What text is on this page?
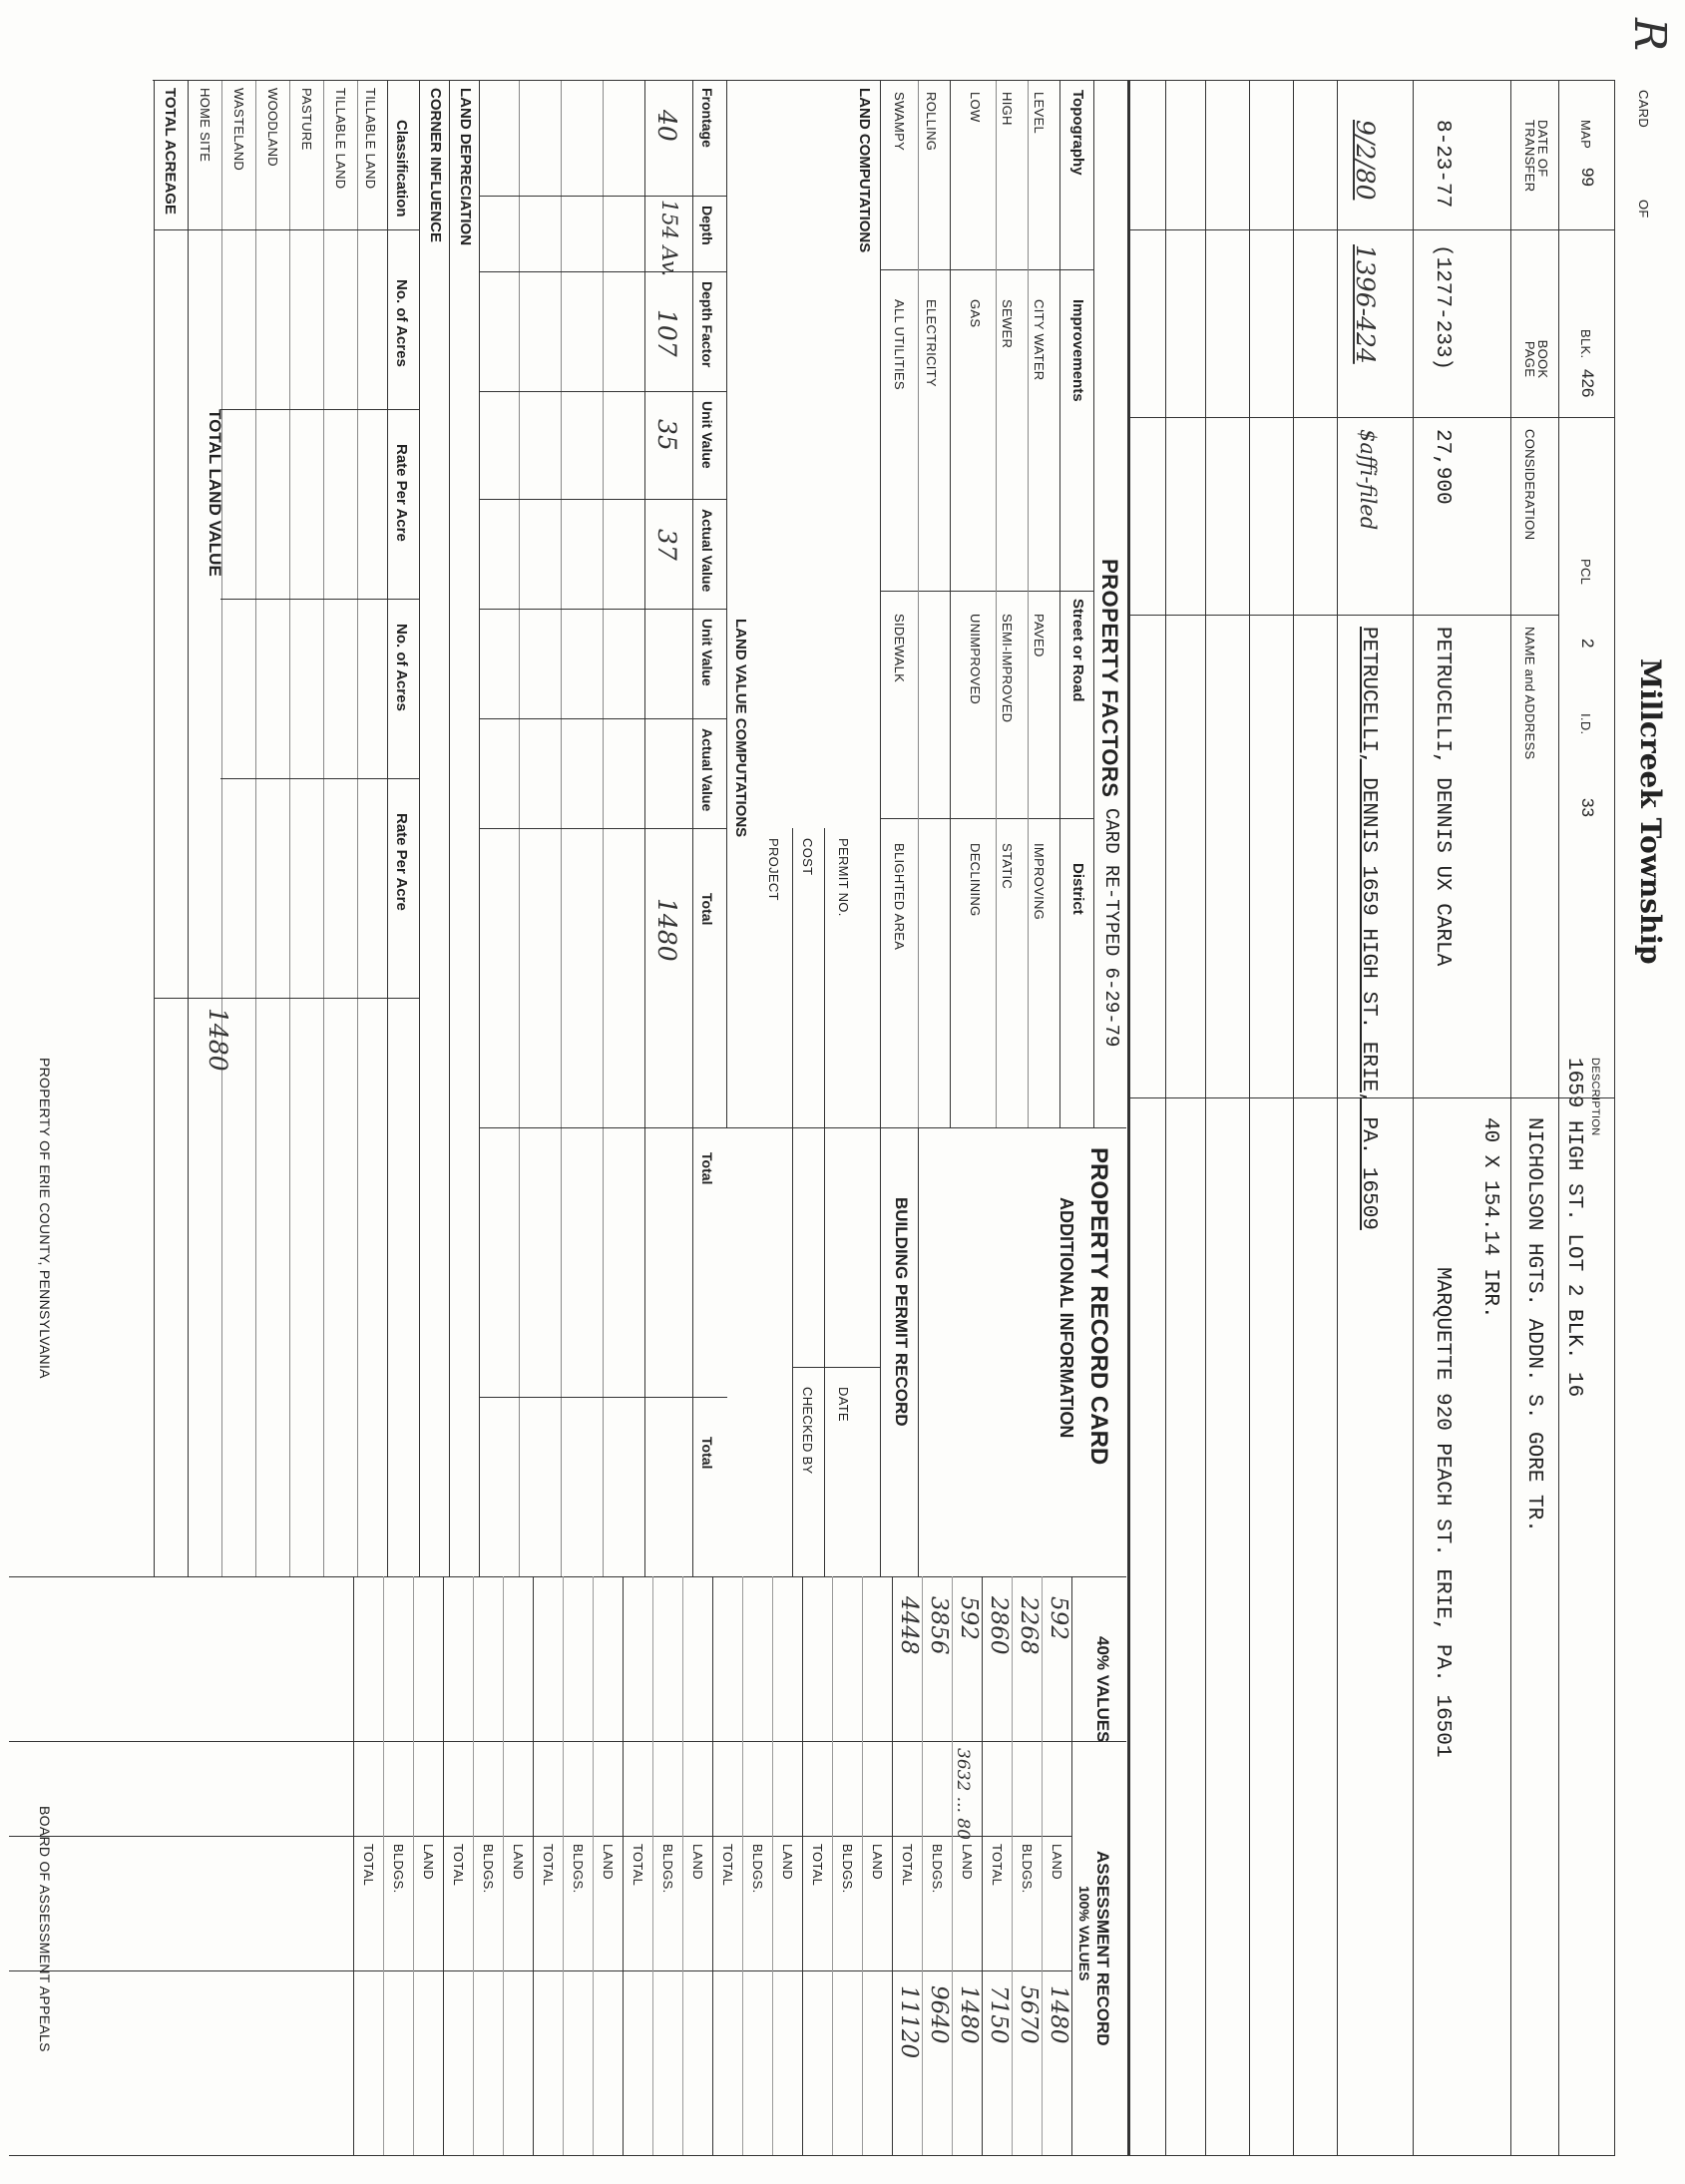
R
CARD
OF
Millcreek Township
MAP
99
BLK.
426
PCL
2
I.D.
33
DESCRIPTION
1659 HIGH ST. LOT 2 BLK. 16
DATE OF TRANSFER
BOOK PAGE
CONSIDERATION
NAME and ADDRESS
NICHOLSON HGTS. ADDN. S. GORE TR.
40 X 154.14 IRR.
8-23-77
(1277-233)
27,900
PETRUCELLI, DENNIS UX CARLA
MARQUETTE 920 PEACH ST. ERIE, PA. 16501
9/2/80
1396-424
$affi-filed
PETRUCELLI, DENNIS 1659 HIGH ST. ERIE, PA. 16509
PROPERTY FACTORS
CARD RE-TYPED 6-29-79
Topography
Improvements
Street or Road
District
LEVEL
HIGH
LOW
ROLLING
SWAMPY
CITY WATER
SEWER
GAS
ELECTRICITY
ALL UTILITIES
PAVED
SEMI-IMPROVED
UNIMPROVED
SIDEWALK
IMPROVING
STATIC
DECLINING
BLIGHTED AREA
LAND COMPUTATIONS
LAND VALUE COMPUTATIONS
Frontage
Depth
Depth Factor
Unit Value
Actual Value
Unit Value
Actual Value
Total
Total
Total
40
154 Av.
107
35
37
1480
LAND DEPRECIATION
CORNER INFLUENCE
Classification
No. of Acres
Rate Per Acre
No. of Acres
Rate Per Acre
TILLABLE LAND
TILLABLE LAND
PASTURE
WOODLAND
WASTELAND
HOME SITE
TOTAL ACREAGE
TOTAL LAND VALUE
1480
PROPERTY RECORD CARD
ADDITIONAL INFORMATION
BUILDING PERMIT RECORD
PERMIT NO.
DATE
COST
CHECKED BY
PROJECT
40% VALUES
ASSESSMENT RECORD
100% VALUES
LAND
592
1480
BLDGS.
2268
5670
TOTAL
2860
7150
LAND
592
1480
BLDGS.
3856
9640
TOTAL
4448
11120
3632 ... 80
LAND
BLDGS.
TOTAL
LAND
BLDGS.
TOTAL
LAND
BLDGS.
TOTAL
LAND
BLDGS.
TOTAL
LAND
BLDGS.
TOTAL
LAND
BLDGS.
TOTAL
PROPERTY OF ERIE COUNTY, PENNSYLVANIA
BOARD OF ASSESSMENT APPEALS
